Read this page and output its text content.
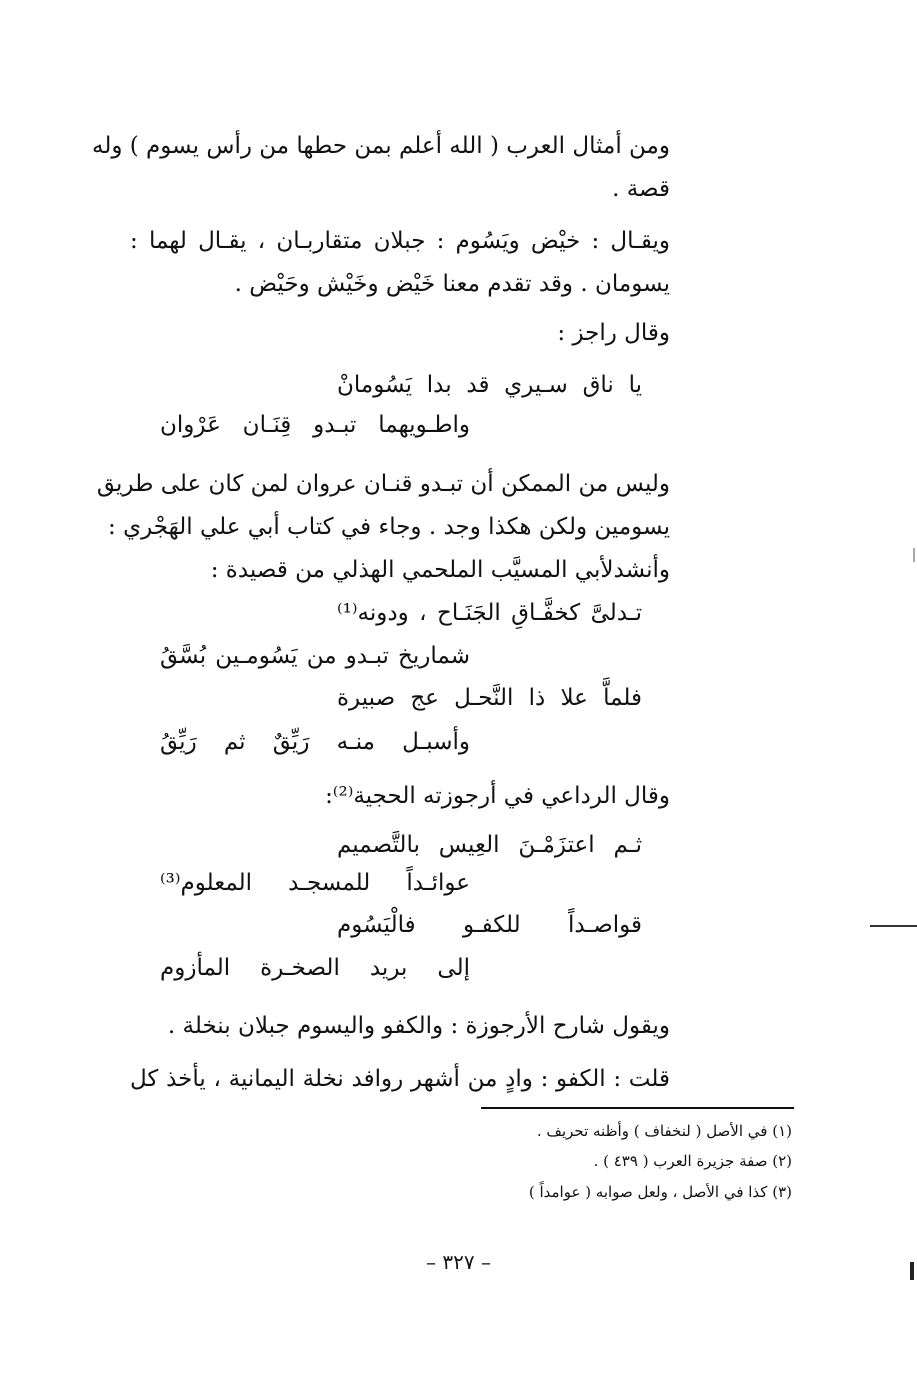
ومن أمثال العرب ( الله أعلم بمن حطها من رأس يسوم ) وله
قصة .
ويقـال : خيْض ويَسُوم : جبلان متقاربـان ، يقـال لهما :
يسومان . وقد تقدم معنا خَيْض وخَيْش وحَيْض .
وقال راجز :
يا ناق سـيري قد بدا يَسُومانْ
واطـويهما تبـدو قِنَـان عَرْوان
وليس من الممكن أن تبـدو قنـان عروان لمن كان على طريق
يسومين ولكن هكذا وجد . وجاء في كتاب أبي علي الهَجْري :
وأنشدلأبي المسيَّب الملحمي الهذلي من قصيدة :
تـدلىَّ كخفَّـاقِ الجَنَـاح ، ودونه⁽¹⁾
شماريخ تبـدو من يَسُومـين بُسَّقُ
فلماَّ علا ذا النَّحـل عج صبيرة
وأسبـل منـه رَيِّقٌ ثم رَيِّقُ
وقال الرداعي في أرجوزته الحجية⁽²⁾:
ثـم اعتزَمْـنَ العِيس بالتَّصميم
عوائـداً للمسجـد المعلوم⁽³⁾
قواصـداً للكفـو فالْيَسُوم
إلى بريد الصخـرة المأزوم
ويقول شارح الأرجوزة : والكفو واليسوم جبلان بنخلة .
قلت : الكفو : وادٍ من أشهر روافد نخلة اليمانية ، يأخذ كل
(١) في الأصل ( لنخفاف ) وأظنه تحريف .
(٢) صفة جزيرة العرب ( ٤٣٩ ) .
(٣) كذا في الأصل ، ولعل صوابه ( عوامداً )
– ٣٢٧ –
